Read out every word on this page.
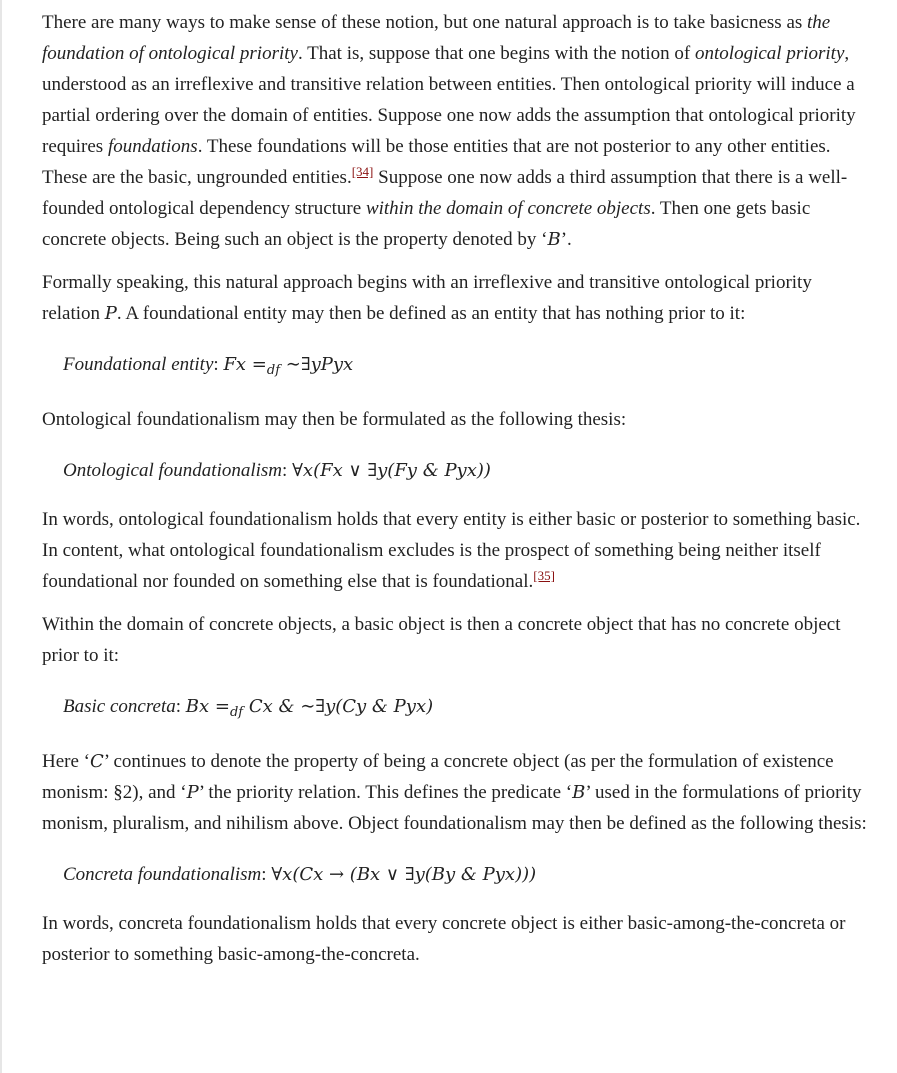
There are many ways to make sense of these notion, but one natural approach is to take basicness as the foundation of ontological priority. That is, suppose that one begins with the notion of ontological priority, understood as an irreflexive and transitive relation between entities. Then ontological priority will induce a partial ordering over the domain of entities. Suppose one now adds the assumption that ontological priority requires foundations. These foundations will be those entities that are not posterior to any other entities. These are the basic, ungrounded entities.[34] Suppose one now adds a third assumption that there is a well-founded ontological dependency structure within the domain of concrete objects. Then one gets basic concrete objects. Being such an object is the property denoted by ‘B’.

Formally speaking, this natural approach begins with an irreflexive and transitive ontological priority relation P. A foundational entity may then be defined as an entity that has nothing prior to it:

Foundational entity: $Fx =_{df}$ ∼∃yPyx

Ontological foundationalism may then be formulated as the following thesis:

Ontological foundationalism: ∀x(Fx ∨ ∃y(Fy & Pyx))

In words, ontological foundationalism holds that every entity is either basic or posterior to something basic. In content, what ontological foundationalism excludes is the prospect of something being neither itself foundational nor founded on something else that is foundational.[35]

Within the domain of concrete objects, a basic object is then a concrete object that has no concrete object prior to it:

Basic concreta: $Bx =_{df}$ Cx & ∼∃y(Cy & Pyx)

Here ‘C’ continues to denote the property of being a concrete object (as per the formulation of existence monism: §2), and ‘P’ the priority relation. This defines the predicate ‘B’ used in the formulations of priority monism, pluralism, and nihilism above. Object foundationalism may then be defined as the following thesis:

Concreta foundationalism: ∀x(Cx → (Bx ∨ ∃y(By & Pyx)))

In words, concreta foundationalism holds that every concrete object is either basic-among-the-concreta or posterior to something basic-among-the-concreta.
